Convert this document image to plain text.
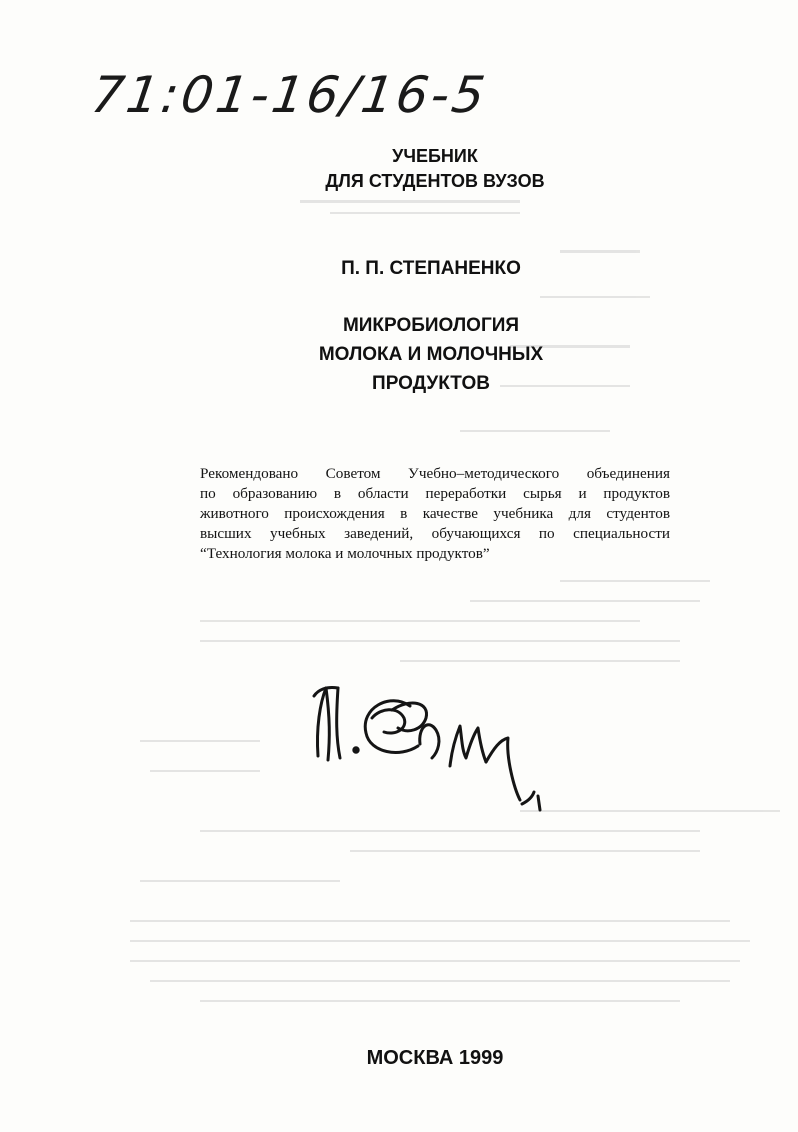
71:01-16/16-5
УЧЕБНИК
ДЛЯ СТУДЕНТОВ ВУЗОВ
П. П. СТЕПАНЕНКО
МИКРОБИОЛОГИЯ
МОЛОКА И МОЛОЧНЫХ
ПРОДУКТОВ
Рекомендовано Советом Учебно–методического объединения
по образованию в области переработки сырья и продуктов
животного происхождения в качестве учебника для студентов
высших учебных заведений, обучающихся по специальности
“Технология молока и молочных продуктов”
МОСКВА 1999
